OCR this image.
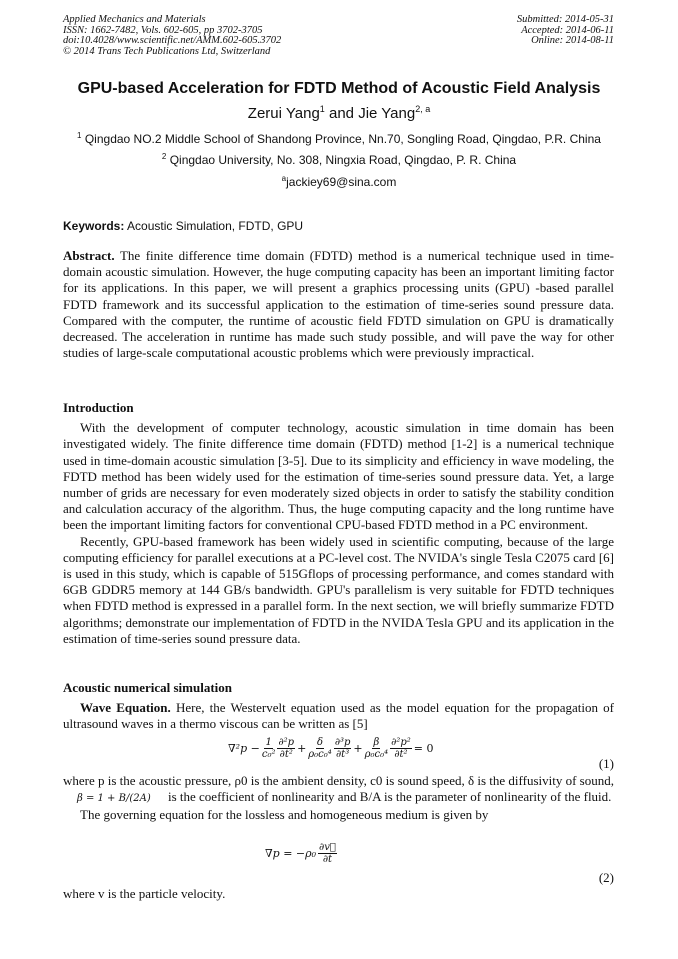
Applied Mechanics and Materials
ISSN: 1662-7482, Vols. 602-605, pp 3702-3705
doi:10.4028/www.scientific.net/AMM.602-605.3702
© 2014 Trans Tech Publications Ltd, Switzerland
Submitted: 2014-05-31
Accepted: 2014-06-11
Online: 2014-08-11
GPU-based Acceleration for FDTD Method of Acoustic Field Analysis
Zerui Yang$^1$ and Jie Yang$^{2, a}$
$^1$ Qingdao NO.2 Middle School of Shandong Province, Nn.70, Songling Road, Qingdao, P.R. China
$^2$ Qingdao University, No. 308, Ningxia Road, Qingdao, P. R. China
$^a$jackiey69@sina.com
Keywords: Acoustic Simulation, FDTD, GPU

Abstract. The finite difference time domain (FDTD) method is a numerical technique used in time-domain acoustic simulation. However, the huge computing capacity has been an important limiting factor for its applications. In this paper, we will present a graphics processing units (GPU) -based parallel FDTD framework and its successful application to the estimation of time-series sound pressure data. Compared with the computer, the runtime of acoustic field FDTD simulation on GPU is dramatically decreased. The acceleration in runtime has made such study possible, and will pave the way for other studies of large-scale computational acoustic problems which were previously impractical.

Introduction

With the development of computer technology, acoustic simulation in time domain has been investigated widely. The finite difference time domain (FDTD) method [1-2] is a numerical technique used in time-domain acoustic simulation [3-5]. Due to its simplicity and efficiency in wave modeling, the FDTD method has been widely used for the estimation of time-series sound pressure data. Yet, a large number of grids are necessary for even moderately sized objects in order to satisfy the stability condition and calculation accuracy of the algorithm. Thus, the huge computing capacity and the long runtime have been the important limiting factors for conventional CPU-based FDTD method in a PC environment.

Recently, GPU-based framework has been widely used in scientific computing, because of the large computing efficiency for parallel executions at a PC-level cost. The NVIDA's single Tesla C2075 card [6] is used in this study, which is capable of 515Gflops of processing performance, and comes standard with 6GB GDDR5 memory at 144 GB/s bandwidth. GPU's parallelism is very suitable for FDTD techniques when FDTD method is expressed in a parallel form. In the next section, we will briefly summarize FDTD algorithms; demonstrate our implementation of FDTD in the NVIDA Tesla GPU and its application in the estimation of time-series sound pressure data.

Acoustic numerical simulation

Wave Equation. Here, the Westervelt equation used as the model equation for the propagation of ultrasound waves in a thermo viscous can be written as [5]

$\nabla^2p - \frac{1}{\text{c₀²}} \partial^2p$
$\partial t^2 + \frac{\delta}{\text{ρ₀c₀⁴}} \partial^3p$
$\partial t^3 + \frac{\beta}{\text{ρ₀c₀⁴}} \frac{\text{∂²p²}}{\text{∂t²}} = 0$
(1)

where p is the acoustic pressure, ρ0 is the ambient density, c0 is sound speed, δ is the diffusivity of sound, β = 1 + B/(2A) is the coefficient of nonlinearity and B/A is the parameter of nonlinearity of the fluid.

The governing equation for the lossless and homogeneous medium is given by

∇p = −ρ₀ ∂v⃗
∂t
(2)
where v is the particle velocity.
